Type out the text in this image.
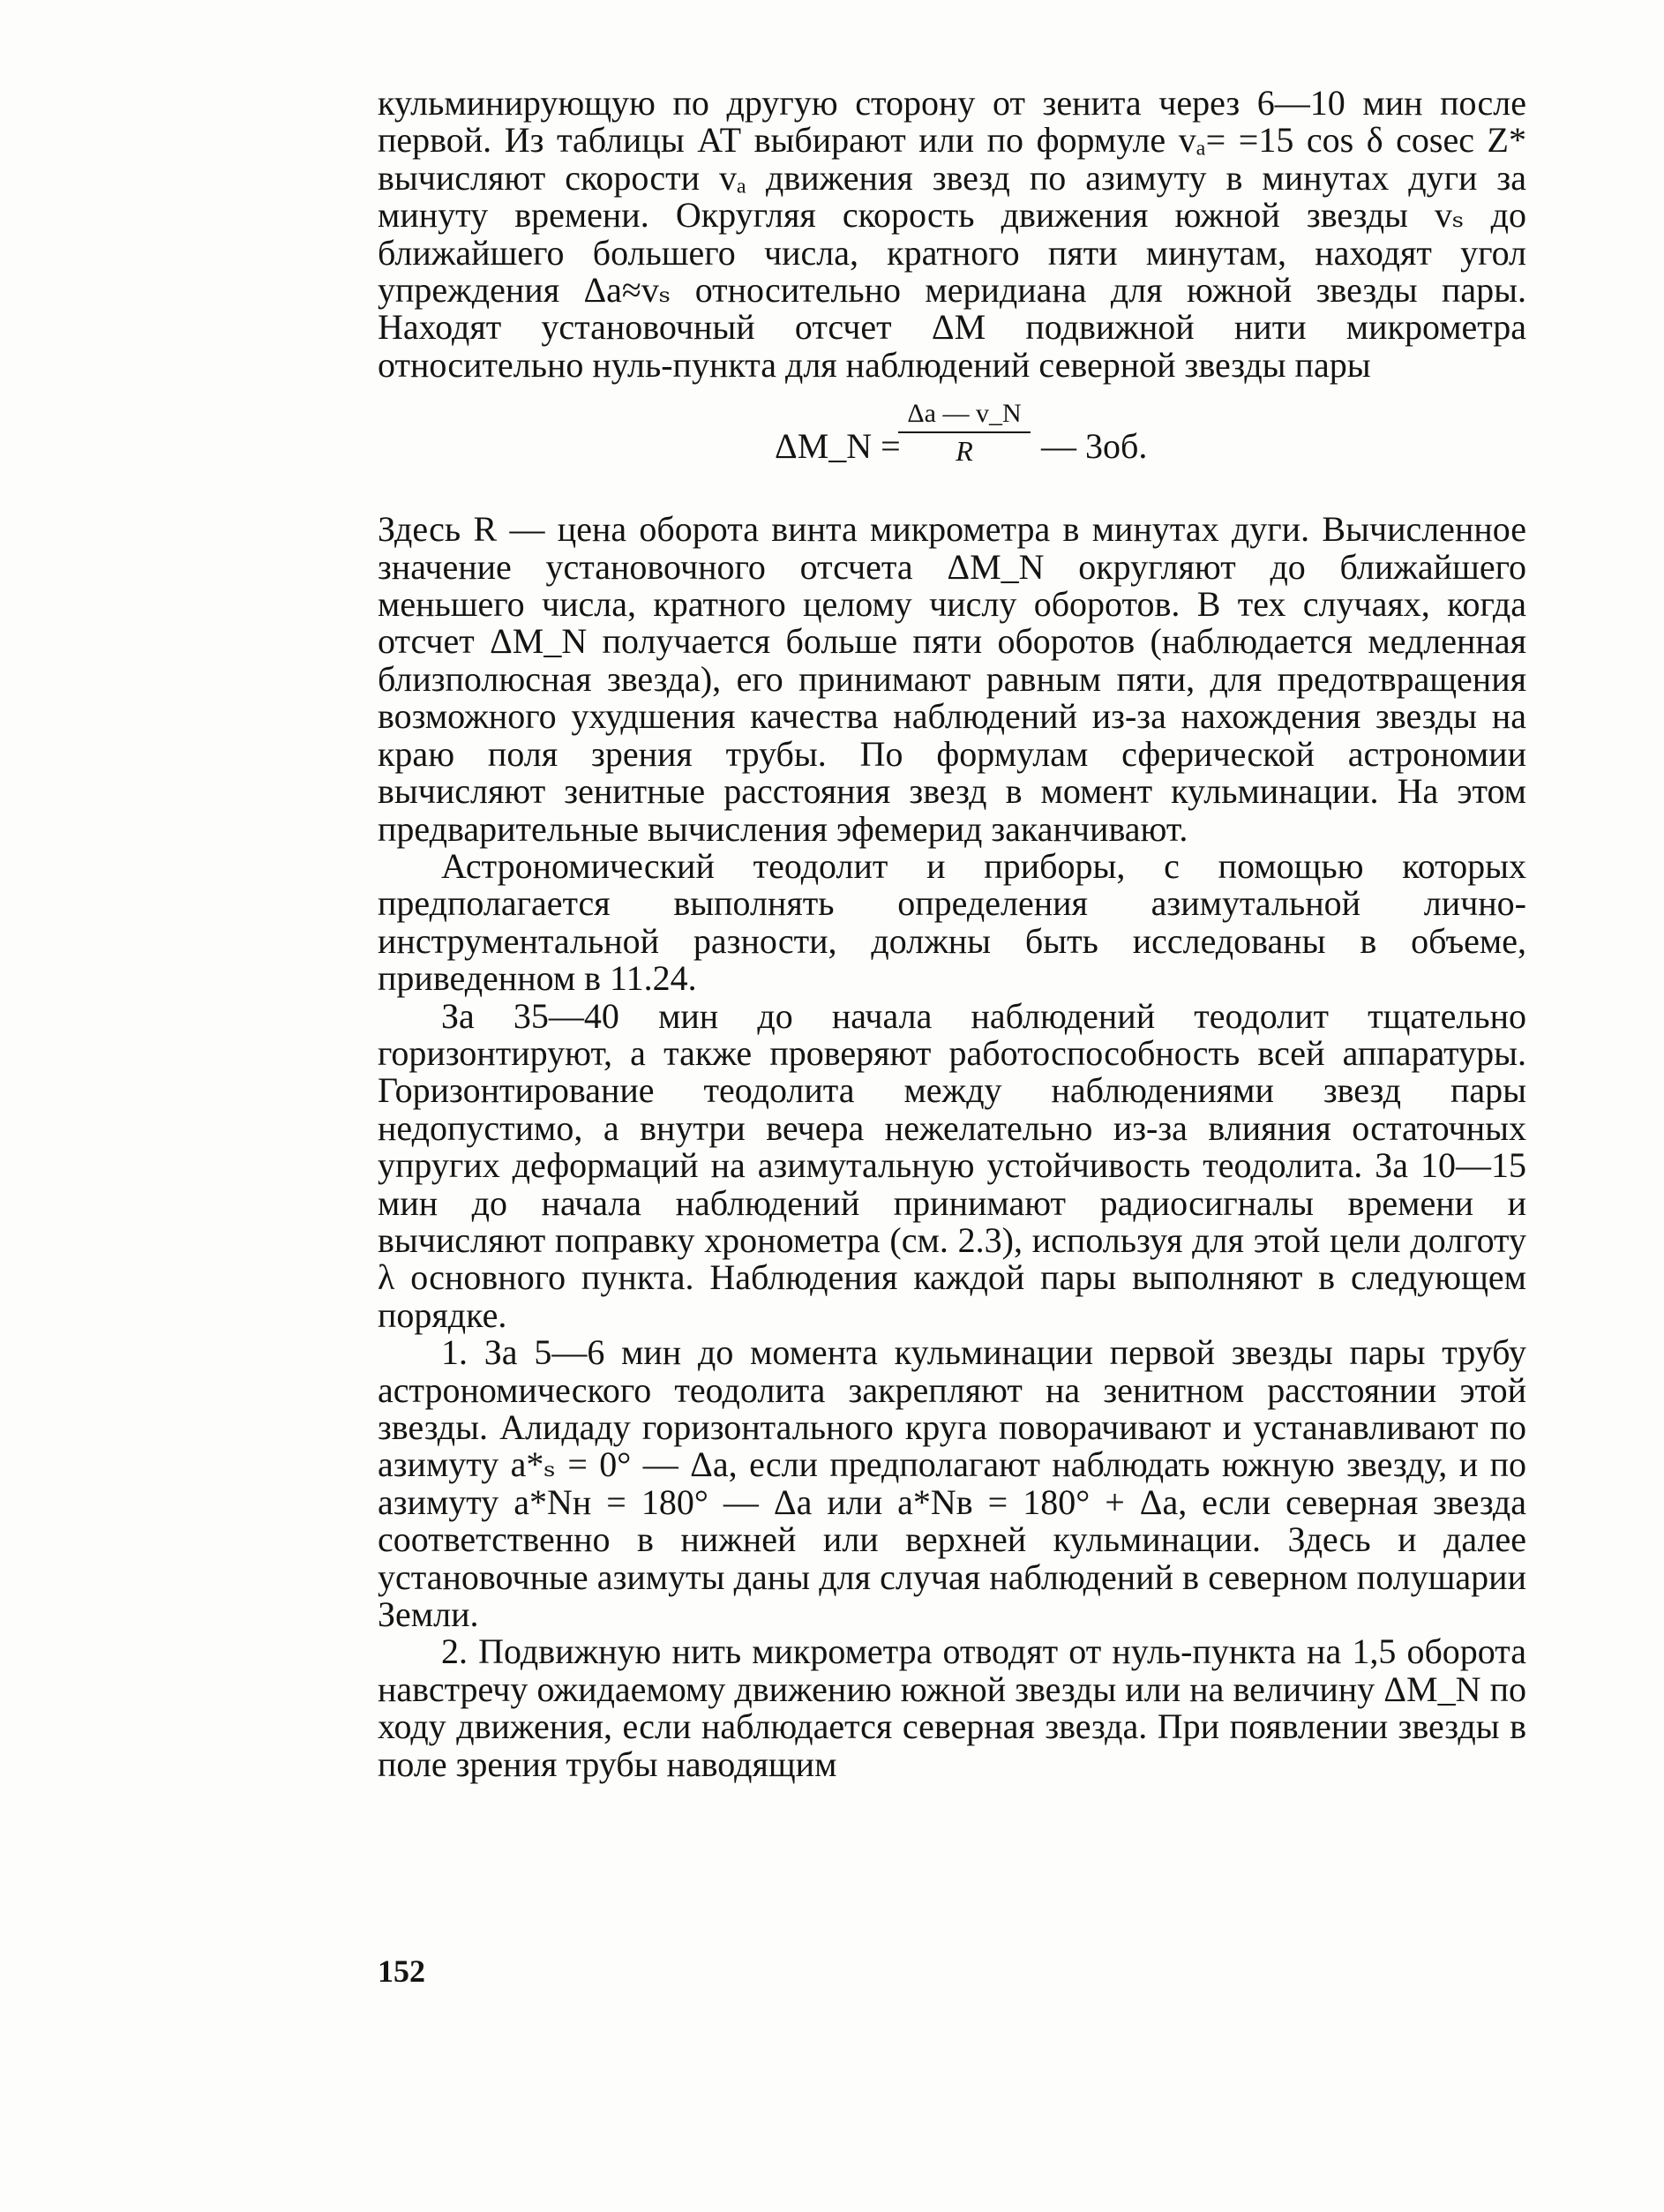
кульминирующую по другую сторону от зенита через 6—10 мин после первой. Из таблицы АТ выбирают или по формуле vₐ= =15 cos δ cosec Z* вычисляют скорости vₐ движения звезд по азимуту в минутах дуги за минуту времени. Округляя скорость движения южной звезды vₛ до ближайшего большего числа, кратного пяти минутам, находят угол упреждения Δa≈vₛ относительно меридиана для южной звезды пары. Находят установочный отсчет ΔM подвижной нити микрометра относительно нуль-пункта для наблюдений северной звезды пары

ΔM_N =
Δa — v_N
R	— 3об.

Здесь R — цена оборота винта микрометра в минутах дуги. Вычисленное значение установочного отсчета ΔM_N округляют до ближайшего меньшего числа, кратного целому числу оборотов. В тех случаях, когда отсчет ΔM_N получается больше пяти оборотов (наблюдается медленная близполюсная звезда), его принимают равным пяти, для предотвращения возможного ухудшения качества наблюдений из-за нахождения звезды на краю поля зрения трубы. По формулам сферической астрономии вычисляют зенитные расстояния звезд в момент кульминации. На этом предварительные вычисления эфемерид заканчивают.

Астрономический теодолит и приборы, с помощью которых предполагается выполнять определения азимутальной лично-инструментальной разности, должны быть исследованы в объеме, приведенном в 11.24.

За 35—40 мин до начала наблюдений теодолит тщательно горизонтируют, а также проверяют работоспособность всей аппаратуры. Горизонтирование теодолита между наблюдениями звезд пары недопустимо, а внутри вечера нежелательно из-за влияния остаточных упругих деформаций на азимутальную устойчивость теодолита. За 10—15 мин до начала наблюдений принимают радиосигналы времени и вычисляют поправку хронометра (см. 2.3), используя для этой цели долготу λ основного пункта. Наблюдения каждой пары выполняют в следующем порядке.

1. За 5—6 мин до момента кульминации первой звезды пары трубу астрономического теодолита закрепляют на зенитном расстоянии этой звезды. Алидаду горизонтального круга поворачивают и устанавливают по азимуту a*ₛ = 0° — Δa, если предполагают наблюдать южную звезду, и по азимуту a*Nн = 180° — Δa или a*Nв = 180° + Δa, если северная звезда соответственно в нижней или верхней кульминации. Здесь и далее установочные азимуты даны для случая наблюдений в северном полушарии Земли.

2. Подвижную нить микрометра отводят от нуль-пункта на 1,5 оборота навстречу ожидаемому движению южной звезды или на величину ΔM_N по ходу движения, если наблюдается северная звезда. При появлении звезды в поле зрения трубы наводящим

152
